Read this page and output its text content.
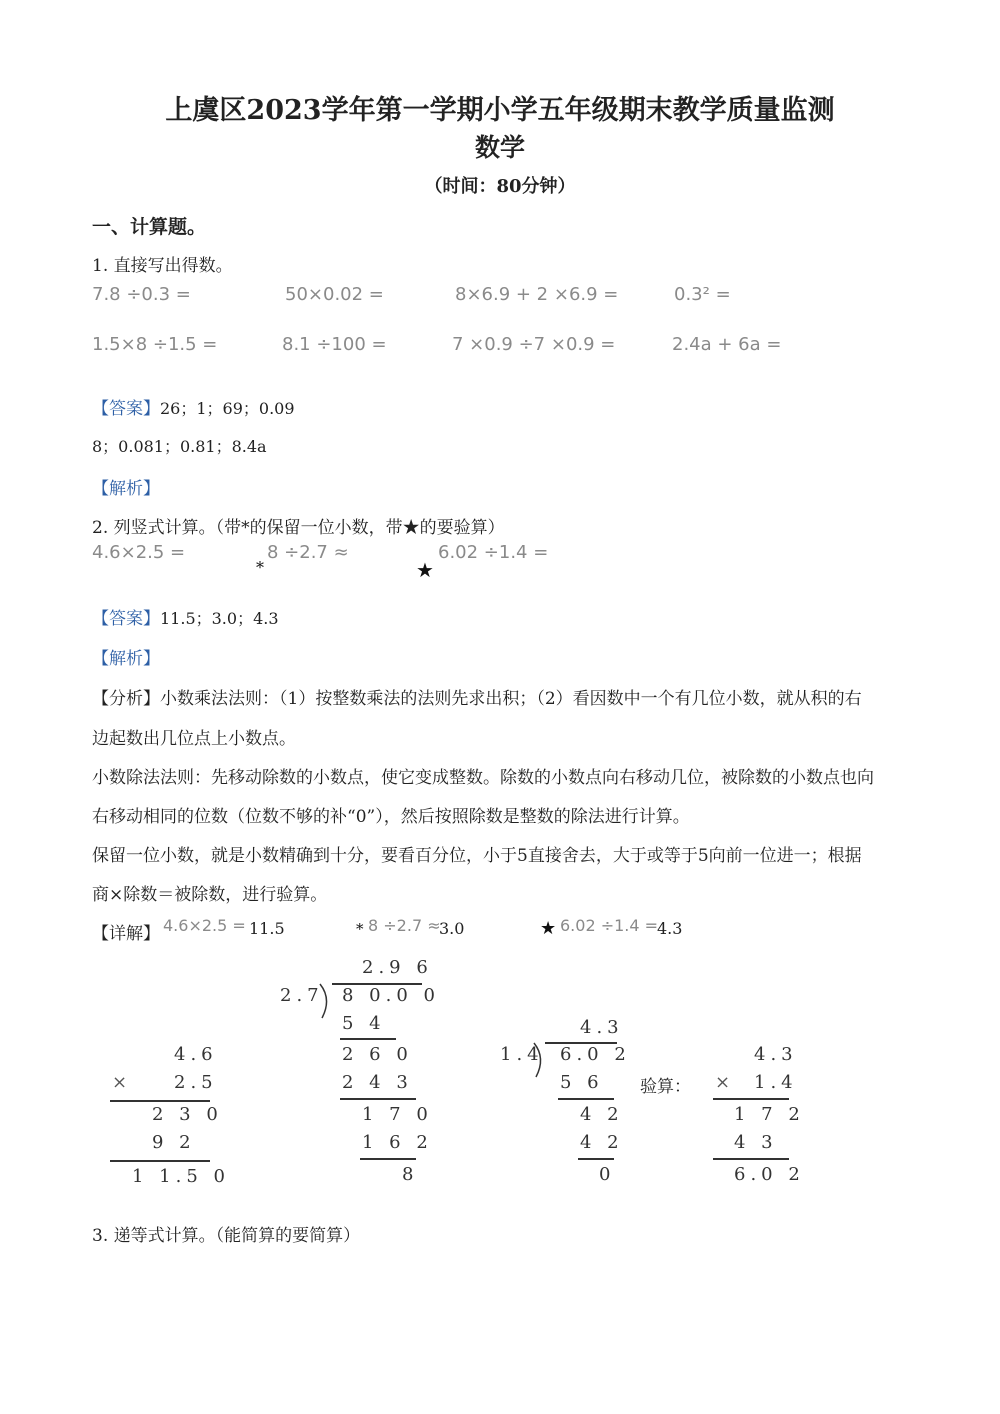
上虞区2023学年第一学期小学五年级期末教学质量监测
数学
（时间：80分钟）
一、计算题。
1. 直接写出得数。
7.8 ÷0.3 =	50×0.02 =	8×6.9 + 2 ×6.9 =	0.3² =
1.5×8 ÷1.5 =	8.1 ÷100 =	7 ×0.9 ÷7 ×0.9 =	2.4a + 6a =
【答案】26；1；69；0.09
8；0.081；0.81；8.4a
【解析】
2. 列竖式计算。（带*的保留一位小数，带★的要验算）
4.6×2.5 =	8 ÷2.7 ≈
*
6.02 ÷1.4 =
★
【答案】11.5；3.0；4.3
【解析】
【分析】小数乘法法则：（1）按整数乘法的法则先求出积；（2）看因数中一个有几位小数，就从积的右
边起数出几位点上小数点。
小数除法法则：先移动除数的小数点，使它变成整数。除数的小数点向右移动几位，被除数的小数点也向
右移动相同的位数（位数不够的补“0”），然后按照除数是整数的除法进行计算。
保留一位小数，就是小数精确到十分，要看百分位，小于5直接舍去，大于或等于5向前一位进一；根据
商×除数＝被除数，进行验算。
【详解】 4.6×2.5 = 11.5	* 8 ÷2.7 ≈
3.0	★ 6.02 ÷1.4 =
4.3
4.6
× 2.5
2 3 0
9 2
1 1.5 0
2.9 6
2.7 8 0.0 0
5 4
2 6 0
2 4 3
1 7 0
1 6 2
8
4.3
1.4 6.0 2
5 6
4 2
4 2
0
验算：
4.3
× 1.4
1 7 2
4 3
6.0 2
3. 递等式计算。（能简算的要简算）
